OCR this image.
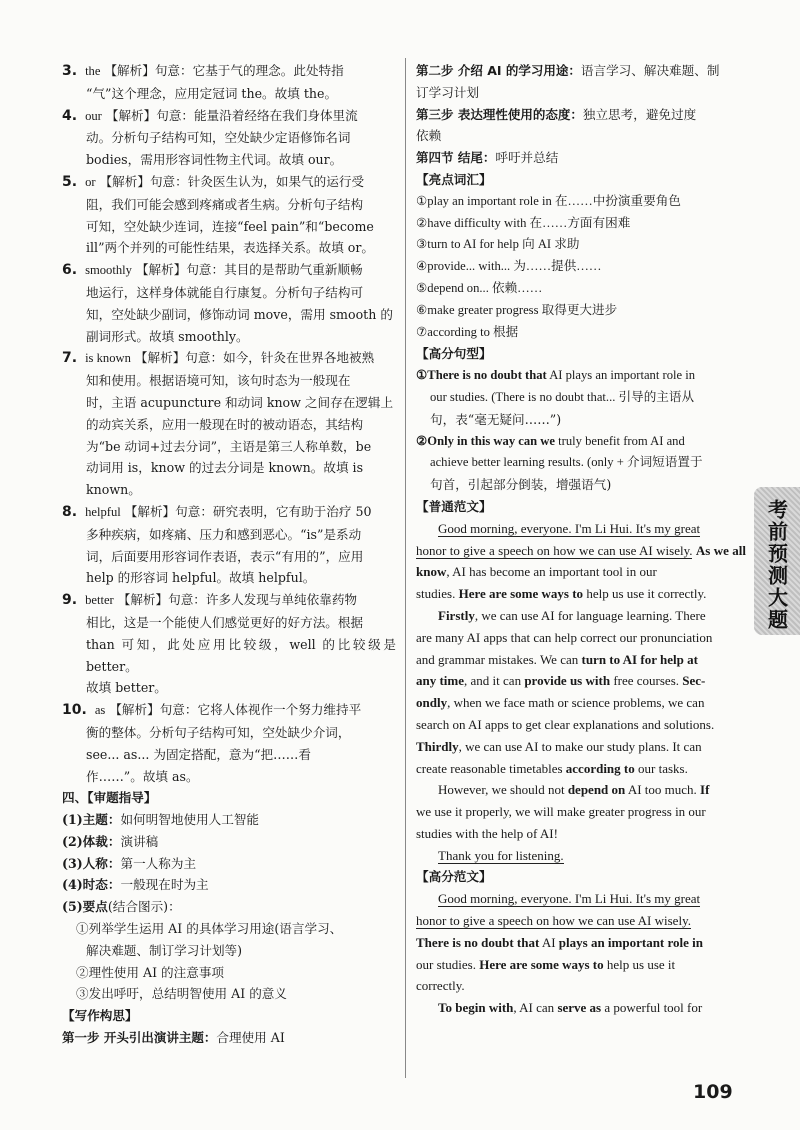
3. the 【解析】句意：它基于气的理念。此处特指
“气”这个理念，应用定冠词 the。故填 the。
4. our 【解析】句意：能量沿着经络在我们身体里流
动。分析句子结构可知，空处缺少定语修饰名词
bodies，需用形容词性物主代词。故填 our。
5. or 【解析】句意：针灸医生认为，如果气的运行受
阻，我们可能会感到疼痛或者生病。分析句子结构
可知，空处缺少连词，连接“feel pain”和“become
ill”两个并列的可能性结果，表选择关系。故填 or。
6. smoothly 【解析】句意：其目的是帮助气重新顺畅
地运行，这样身体就能自行康复。分析句子结构可
知，空处缺少副词，修饰动词 move，需用 smooth 的
副词形式。故填 smoothly。
7. is known 【解析】句意：如今，针灸在世界各地被熟
知和使用。根据语境可知，该句时态为一般现在
时，主语 acupuncture 和动词 know 之间存在逻辑上
的动宾关系，应用一般现在时的被动语态，其结构
为“be 动词+过去分词”，主语是第三人称单数，be
动词用 is，know 的过去分词是 known。故填 is
known。
8. helpful 【解析】句意：研究表明，它有助于治疗 50
多种疾病，如疼痛、压力和感到恶心。“is”是系动
词，后面要用形容词作表语，表示“有用的”，应用
help 的形容词 helpful。故填 helpful。
9. better 【解析】句意：许多人发现与单纯依靠药物
相比，这是一个能使人们感觉更好的好方法。根据
than 可知，此处应用比较级，well 的比较级是 better。
故填 better。
10. as 【解析】句意：它将人体视作一个努力维持平
衡的整体。分析句子结构可知，空处缺少介词，
see... as... 为固定搭配，意为“把……看
作……”。故填 as。
四、【审题指导】
(1)主题：如何明智地使用人工智能
(2)体裁：演讲稿
(3)人称：第一人称为主
(4)时态：一般现在时为主
(5)要点(结合图示)：
①列举学生运用 AI 的具体学习用途(语言学习、
解决难题、制订学习计划等)
②理性使用 AI 的注意事项
③发出呼吁，总结明智使用 AI 的意义
【写作构思】
第一步 开头引出演讲主题：合理使用 AI
第二步 介绍 AI 的学习用途：语言学习、解决难题、制
订学习计划
第三步 表达理性使用的态度：独立思考，避免过度
依赖
第四节 结尾：呼吁并总结
【亮点词汇】
①play an important role in 在……中扮演重要角色
②have difficulty with 在……方面有困难
③turn to AI for help 向 AI 求助
④provide... with... 为……提供……
⑤depend on... 依赖……
⑥make greater progress 取得更大进步
⑦according to 根据
【高分句型】
①There is no doubt that AI plays an important role in
our studies. (There is no doubt that... 引导的主语从
句，表“毫无疑问……”)
②Only in this way can we truly benefit from AI and
achieve better learning results. (only + 介词短语置于
句首，引起部分倒装，增强语气)
【普通范文】

Good morning, everyone. I'm Li Hui. It's my great

honor to give a speech on how we can use AI wisely. As we all know, AI has become an important tool in our

studies. Here are some ways to help us use it correctly.

Firstly, we can use AI for language learning. There

are many AI apps that can help correct our pronunciation

and grammar mistakes. We can turn to AI for help at

any time, and it can provide us with free courses. Sec-

ondly, when we face math or science problems, we can

search on AI apps to get clear explanations and solutions.

Thirdly, we can use AI to make our study plans. It can

create reasonable timetables according to our tasks.

However, we should not depend on AI too much. If

we use it properly, we will make greater progress in our

studies with the help of AI!

Thank you for listening.

【高分范文】

Good morning, everyone. I'm Li Hui. It's my great

honor to give a speech on how we can use AI wisely.

There is no doubt that AI plays an important role in

our studies. Here are some ways to help us use it

correctly.

To begin with, AI can serve as a powerful tool for

考前预测大题
109
